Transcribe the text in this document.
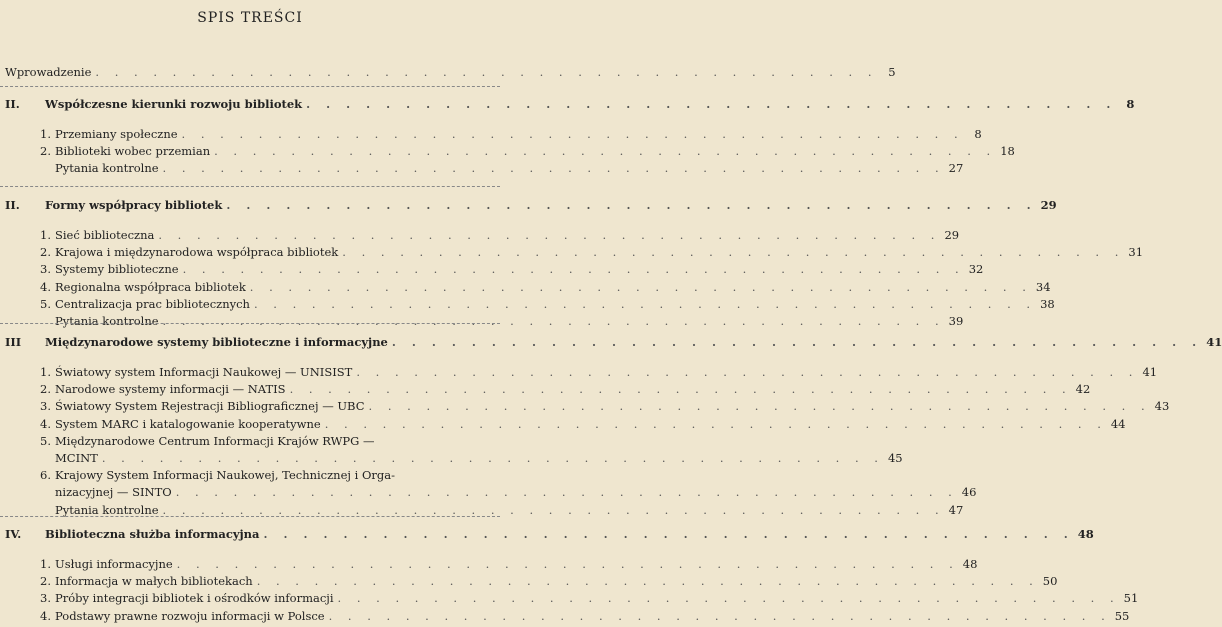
SPIS TREŚCI
Wprowadzenie . . . . . . . . . . . . . . . . . . . . . . . . . . . . . . . . . . . . . . . . . 5
II.	Współczesne kierunki rozwoju bibliotek . . . . . . . . . . . . . . . . . . . . . . . . . . . . . . . . . . . . . . . . . 8
1. Przemiany społeczne . . . . . . . . . . . . . . . . . . . . . . . . . . . . . . . . . . . . . . . . . 8
2. Biblioteki wobec przemian . . . . . . . . . . . . . . . . . . . . . . . . . . . . . . . . . . . . . . . . . 18
Pytania kontrolne . . . . . . . . . . . . . . . . . . . . . . . . . . . . . . . . . . . . . . . . . 27
II.	Formy współpracy bibliotek . . . . . . . . . . . . . . . . . . . . . . . . . . . . . . . . . . . . . . . . . 29
1. Sieć biblioteczna . . . . . . . . . . . . . . . . . . . . . . . . . . . . . . . . . . . . . . . . . 29
2. Krajowa i międzynarodowa współpraca bibliotek . . . . . . . . . . . . . . . . . . . . . . . . . . . . . . . . . . . . . . . . . 31
3. Systemy biblioteczne . . . . . . . . . . . . . . . . . . . . . . . . . . . . . . . . . . . . . . . . . 32
4. Regionalna współpraca bibliotek . . . . . . . . . . . . . . . . . . . . . . . . . . . . . . . . . . . . . . . . . 34
5. Centralizacja prac bibliotecznych . . . . . . . . . . . . . . . . . . . . . . . . . . . . . . . . . . . . . . . . . 38
Pytania kontrolne . . . . . . . . . . . . . . . . . . . . . . . . . . . . . . . . . . . . . . . . . 39
III	Międzynarodowe systemy biblioteczne i informacyjne . . . . . . . . . . . . . . . . . . . . . . . . . . . . . . . . . . . . . . . . . 41
1. Światowy system Informacji Naukowej — UNISIST . . . . . . . . . . . . . . . . . . . . . . . . . . . . . . . . . . . . . . . . . 41
2. Narodowe systemy informacji — NATIS . . . . . . . . . . . . . . . . . . . . . . . . . . . . . . . . . . . . . . . . . 42
3. Światowy System Rejestracji Bibliograficznej — UBC . . . . . . . . . . . . . . . . . . . . . . . . . . . . . . . . . . . . . . . . . 43
4. System MARC i katalogowanie kooperatywne . . . . . . . . . . . . . . . . . . . . . . . . . . . . . . . . . . . . . . . . . 44
5. Międzynarodowe Centrum Informacji Krajów RWPG —
MCINT . . . . . . . . . . . . . . . . . . . . . . . . . . . . . . . . . . . . . . . . . 45
6. Krajowy System Informacji Naukowej, Technicznej i Orga-
nizacyjnej — SINTO . . . . . . . . . . . . . . . . . . . . . . . . . . . . . . . . . . . . . . . . . 46
Pytania kontrolne . . . . . . . . . . . . . . . . . . . . . . . . . . . . . . . . . . . . . . . . . 47
IV.	Biblioteczna służba informacyjna . . . . . . . . . . . . . . . . . . . . . . . . . . . . . . . . . . . . . . . . . 48
1. Usługi informacyjne . . . . . . . . . . . . . . . . . . . . . . . . . . . . . . . . . . . . . . . . . 48
2. Informacja w małych bibliotekach . . . . . . . . . . . . . . . . . . . . . . . . . . . . . . . . . . . . . . . . . 50
3. Próby integracji bibliotek i ośrodków informacji . . . . . . . . . . . . . . . . . . . . . . . . . . . . . . . . . . . . . . . . . 51
4. Podstawy prawne rozwoju informacji w Polsce . . . . . . . . . . . . . . . . . . . . . . . . . . . . . . . . . . . . . . . . . 55
